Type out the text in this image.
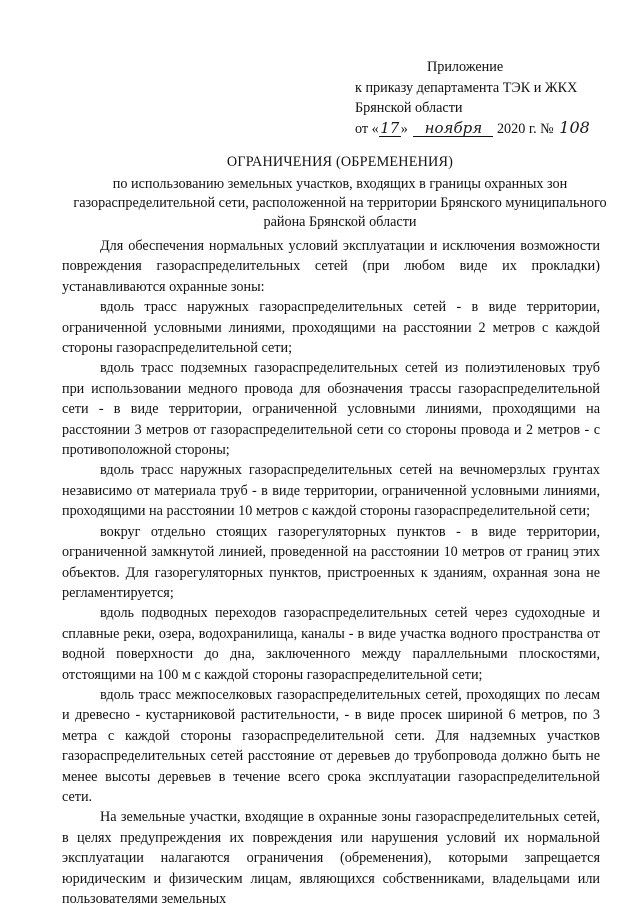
Приложение
к приказу департамента ТЭК и ЖКХ
Брянской области
от «17» ноября 2020 г. № 108
ОГРАНИЧЕНИЯ (ОБРЕМЕНЕНИЯ)
по использованию земельных участков, входящих в границы охранных зон газораспределительной сети, расположенной на территории Брянского муниципального района Брянской области

Для обеспечения нормальных условий эксплуатации и исключения возможности повреждения газораспределительных сетей (при любом виде их прокладки) устанавливаются охранные зоны:

вдоль трасс наружных газораспределительных сетей - в виде территории, ограниченной условными линиями, проходящими на расстоянии 2 метров с каждой стороны газораспределительной сети;

вдоль трасс подземных газораспределительных сетей из полиэтиленовых труб при использовании медного провода для обозначения трассы газораспределительной сети - в виде территории, ограниченной условными линиями, проходящими на расстоянии 3 метров от газораспределительной сети со стороны провода и 2 метров - с противоположной стороны;

вдоль трасс наружных газораспределительных сетей на вечномерзлых грунтах независимо от материала труб - в виде территории, ограниченной условными линиями, проходящими на расстоянии 10 метров с каждой стороны газораспределительной сети;

вокруг отдельно стоящих газорегуляторных пунктов - в виде территории, ограниченной замкнутой линией, проведенной на расстоянии 10 метров от границ этих объектов. Для газорегуляторных пунктов, пристроенных к зданиям, охранная зона не регламентируется;

вдоль подводных переходов газораспределительных сетей через судоходные и сплавные реки, озера, водохранилища, каналы - в виде участка водного пространства от водной поверхности до дна, заключенного между параллельными плоскостями, отстоящими на 100 м с каждой стороны газораспределительной сети;

вдоль трасс межпоселковых газораспределительных сетей, проходящих по лесам и древесно - кустарниковой растительности, - в виде просек шириной 6 метров, по 3 метра с каждой стороны газораспределительной сети. Для надземных участков газораспределительных сетей расстояние от деревьев до трубопровода должно быть не менее высоты деревьев в течение всего срока эксплуатации газораспределительной сети.

На земельные участки, входящие в охранные зоны газораспределительных сетей, в целях предупреждения их повреждения или нарушения условий их нормальной эксплуатации налагаются ограничения (обременения), которыми запрещается юридическим и физическим лицам, являющихся собственниками, владельцами или пользователями земельных
